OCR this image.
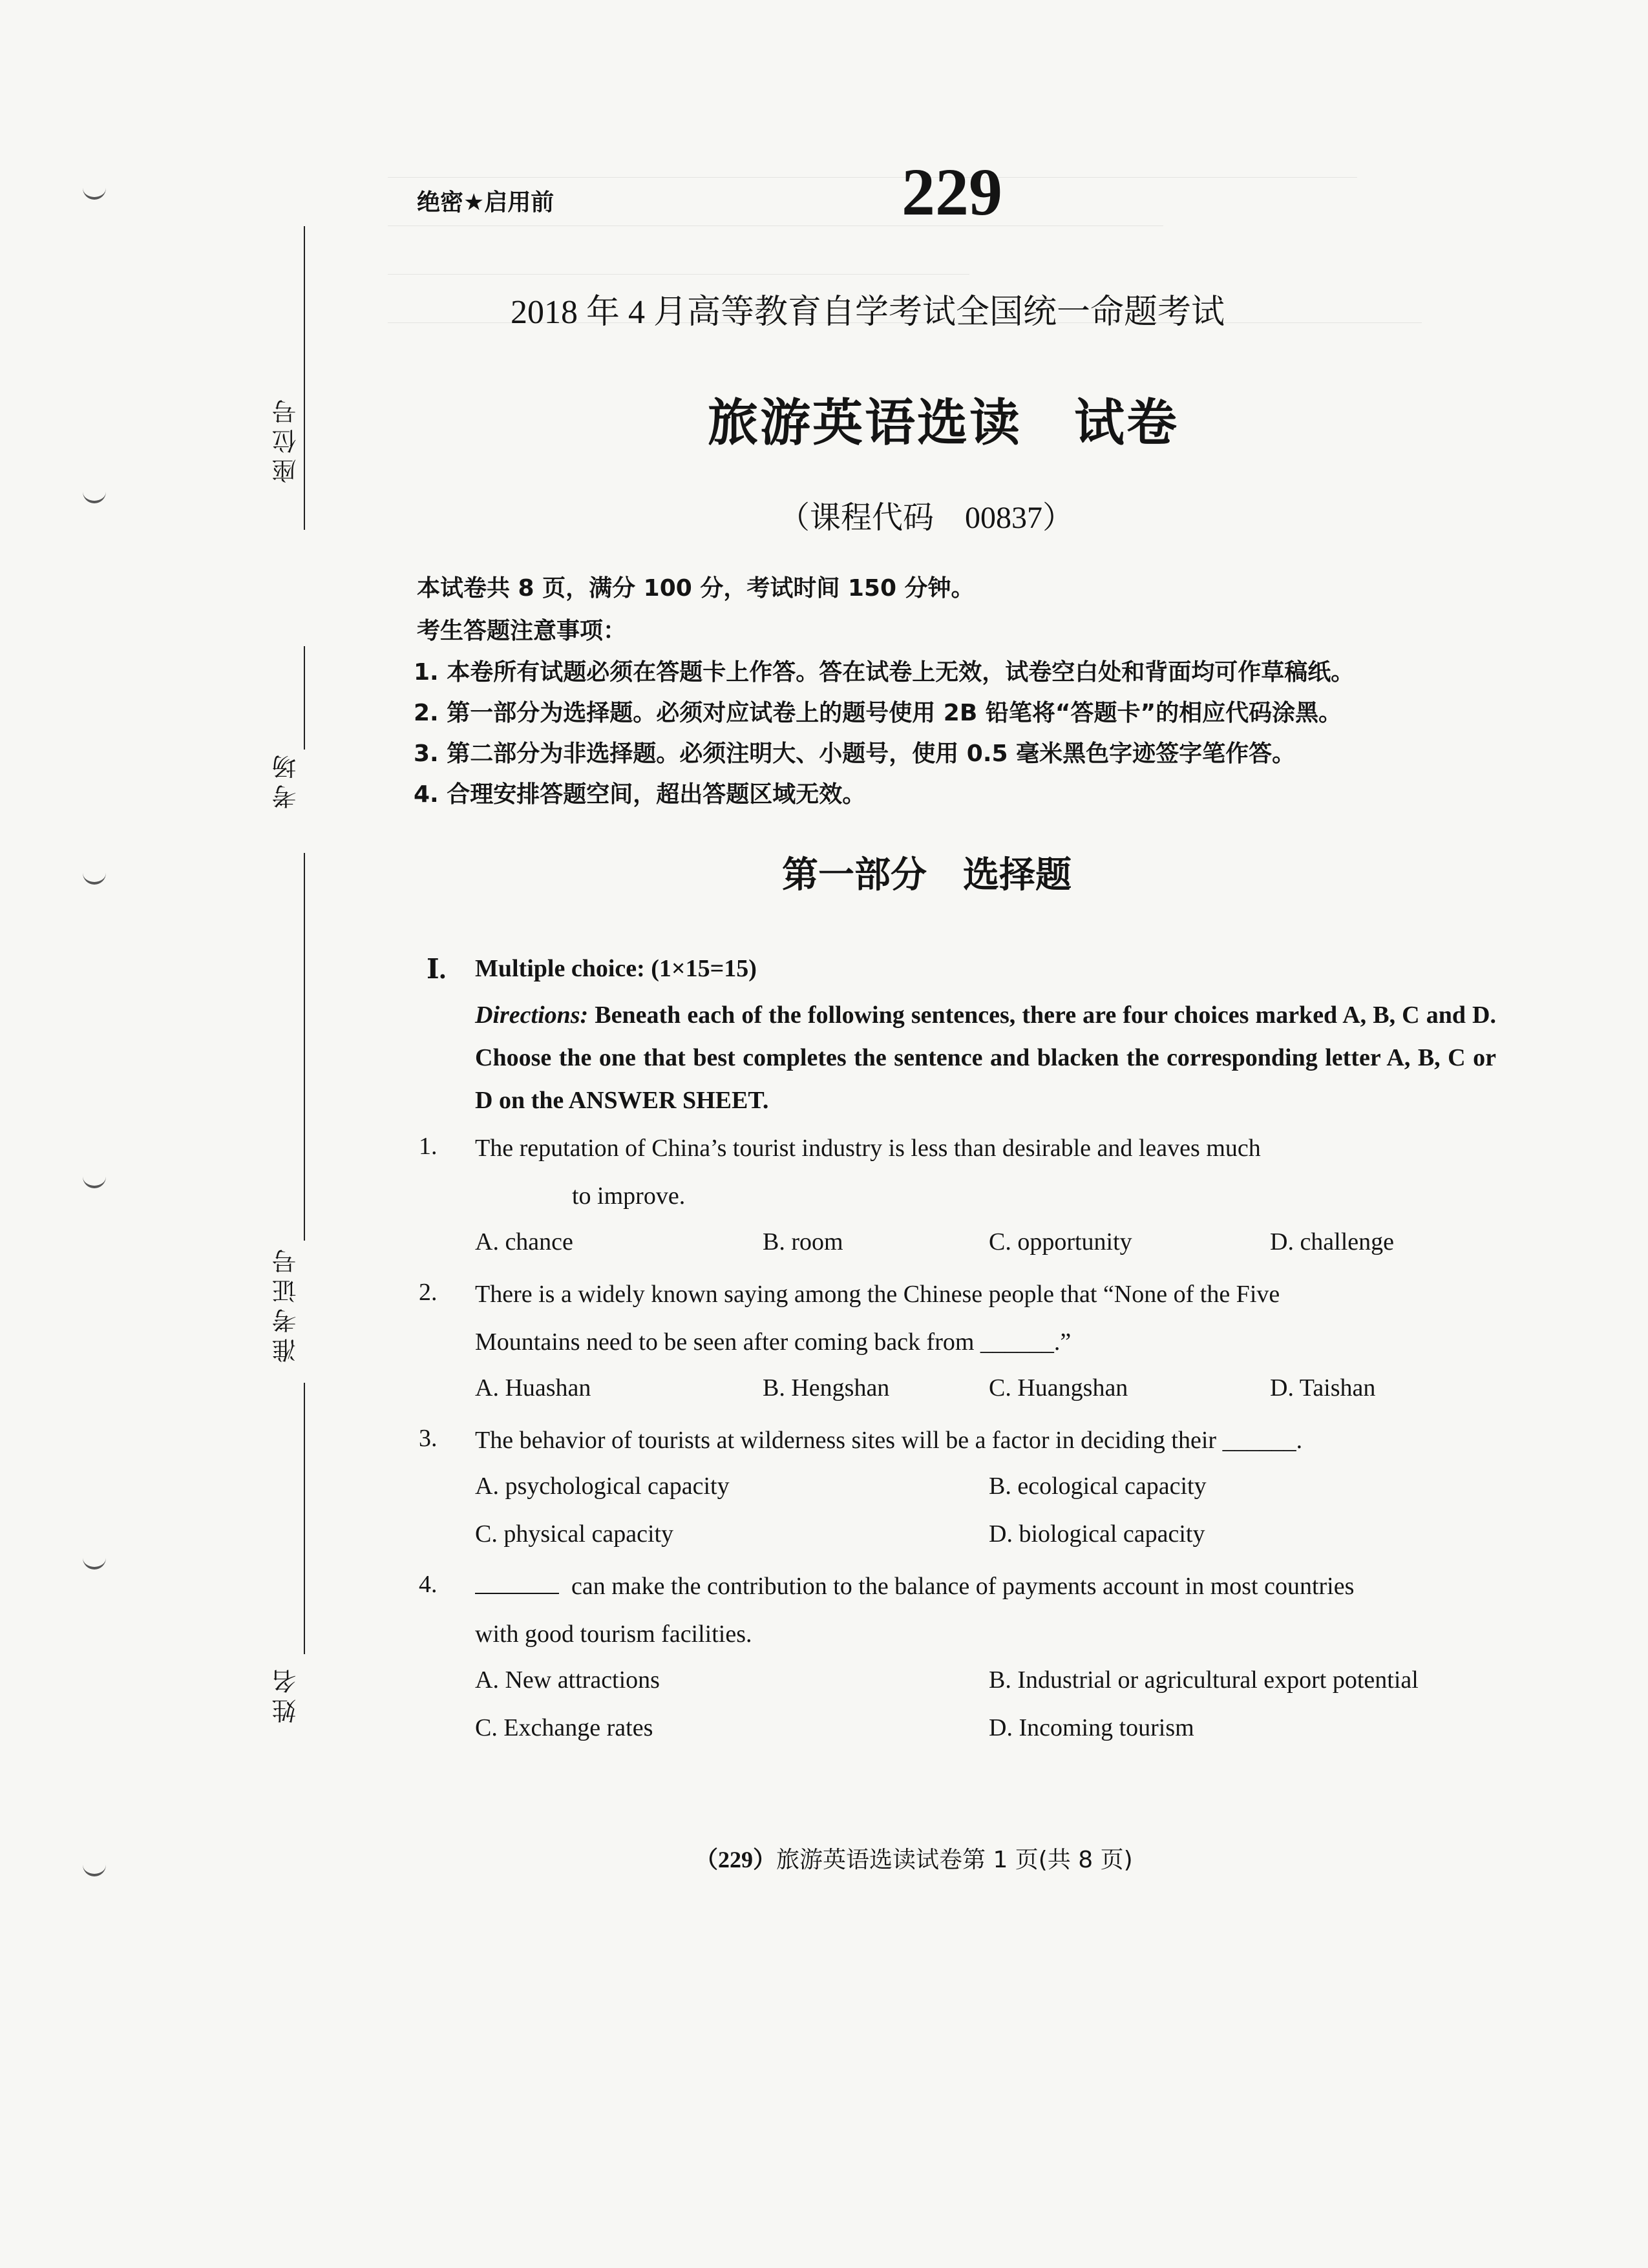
座位号
考场
准考证号
姓名
绝密★启用前	229
2018 年 4 月高等教育自学考试全国统一命题考试
旅游英语选读　试卷
（课程代码　00837）
本试卷共 8 页，满分 100 分，考试时间 150 分钟。
考生答题注意事项：
1. 本卷所有试题必须在答题卡上作答。答在试卷上无效，试卷空白处和背面均可作草稿纸。
2. 第一部分为选择题。必须对应试卷上的题号使用 2B 铅笔将“答题卡”的相应代码涂黑。
3. 第二部分为非选择题。必须注明大、小题号，使用 0.5 毫米黑色字迹签字笔作答。
4. 合理安排答题空间，超出答题区域无效。
第一部分　选择题
Ⅰ. Multiple choice: (1×15=15)
Directions: Beneath each of the following sentences, there are four choices marked A, B, C and D. Choose the one that best completes the sentence and blacken the corresponding letter A, B, C or D on the ANSWER SHEET.
1. The reputation of China’s tourist industry is less than desirable and leaves much
to improve.
A. chance	B. room	C. opportunity	D. challenge
2. There is a widely known saying among the Chinese people that “None of the Five
Mountains need to be seen after coming back from ______.”
A. Huashan	B. Hengshan	C. Huangshan	D. Taishan
3. The behavior of tourists at wilderness sites will be a factor in deciding their ______.
A. psychological capacity	B. ecological capacity
C. physical capacity	D. biological capacity
4.	can make the contribution to the balance of payments account in most countries
with good tourism facilities.
A. New attractions	B. Industrial or agricultural export potential
C. Exchange rates	D. Incoming tourism
（229）旅游英语选读试卷第 1 页(共 8 页)
